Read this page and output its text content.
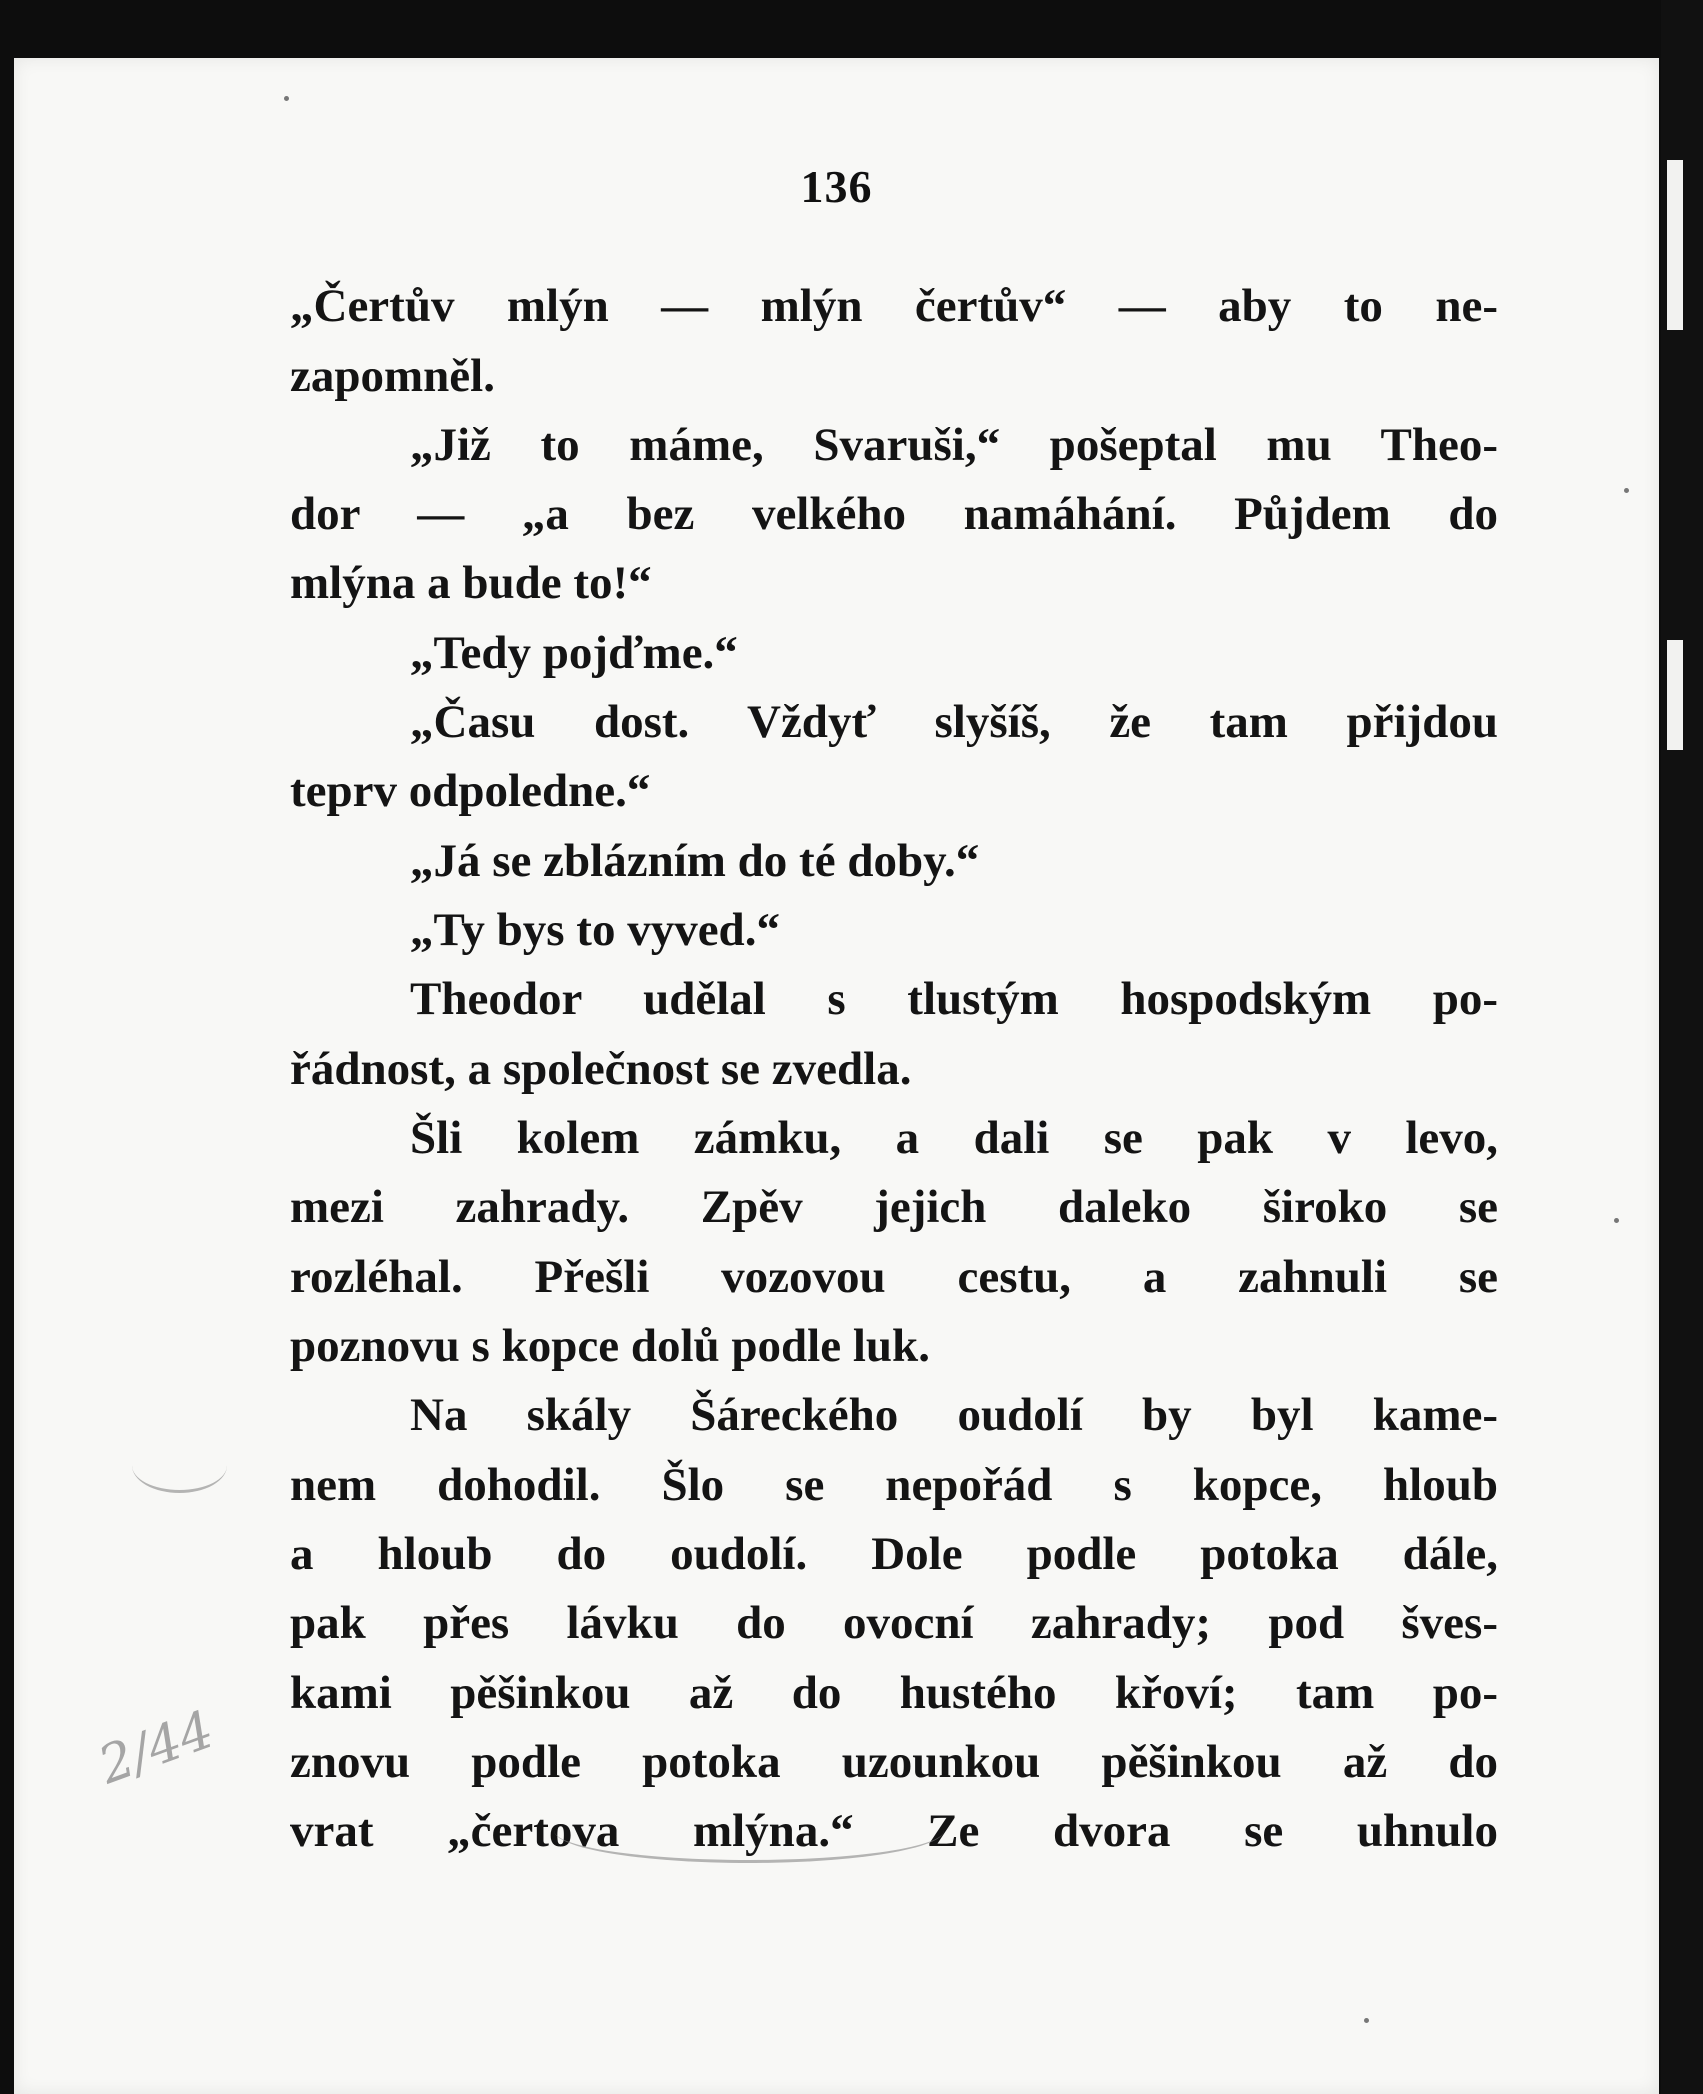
136
„Čertův mlýn — mlýn čertův“ — aby to ne-
zapomněl.
„Již to máme, Svaruši,“ pošeptal mu Theo-
dor — „a bez velkého namáhání. Půjdem do
mlýna a bude to!“
„Tedy pojďme.“
„Času dost. Vždyť slyšíš, že tam přijdou
teprv odpoledne.“
„Já se zblázním do té doby.“
„Ty bys to vyved.“
Theodor udělal s tlustým hospodským po-
řádnost, a společnost se zvedla.
Šli kolem zámku, a dali se pak v levo,
mezi zahrady. Zpěv jejich daleko široko se
rozléhal. Přešli vozovou cestu, a zahnuli se
poznovu s kopce dolů podle luk.
Na skály Šáreckého oudolí by byl kame-
nem dohodil. Šlo se nepořád s kopce, hloub
a hloub do oudolí. Dole podle potoka dále,
pak přes lávku do ovocní zahrady; pod šves-
kami pěšinkou až do hustého křoví; tam po-
znovu podle potoka uzounkou pěšinkou až do
vrat „čertova mlýna.“ Ze dvora se uhnulo
2/44
